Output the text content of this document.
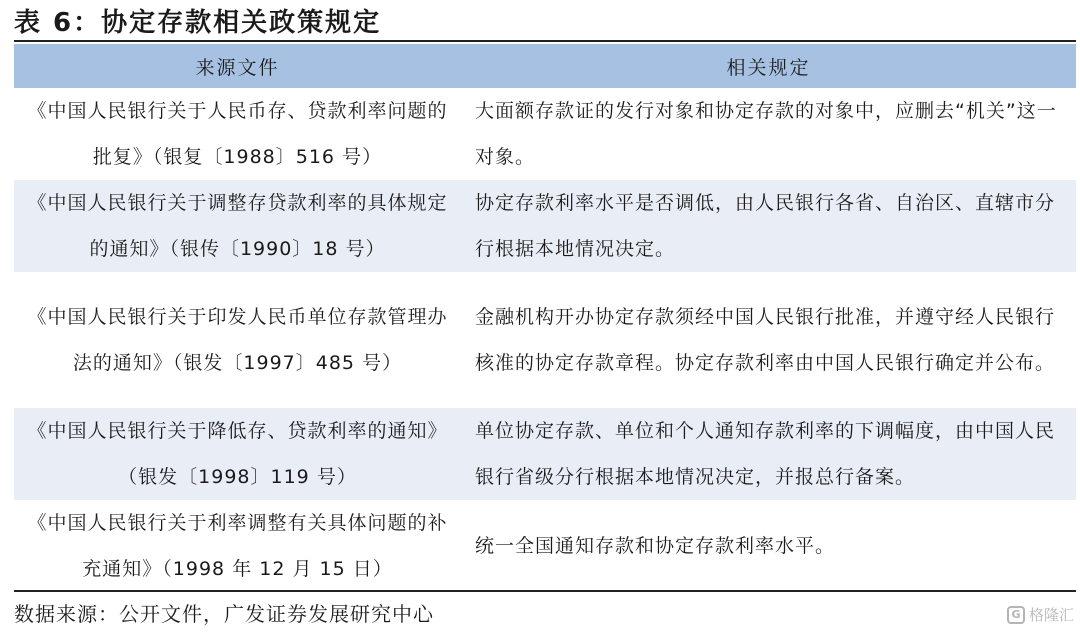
表 6：协定存款相关政策规定
来源文件	相关规定
《中国人民银行关于人民币存、贷款利率问题的批复》（银复〔1988〕516 号）	大面额存款证的发行对象和协定存款的对象中，应删去“机关”这一对象。
《中国人民银行关于调整存贷款利率的具体规定的通知》（银传〔1990〕18 号）	协定存款利率水平是否调低，由人民银行各省、自治区、直辖市分行根据本地情况决定。
《中国人民银行关于印发人民币单位存款管理办法的通知》（银发〔1997〕485 号）	金融机构开办协定存款须经中国人民银行批准，并遵守经人民银行核准的协定存款章程。协定存款利率由中国人民银行确定并公布。
《中国人民银行关于降低存、贷款利率的通知》（银发〔1998〕119 号）	单位协定存款、单位和个人通知存款利率的下调幅度，由中国人民银行省级分行根据本地情况决定，并报总行备案。
《中国人民银行关于利率调整有关具体问题的补充通知》（1998 年 12 月 15 日）	统一全国通知存款和协定存款利率水平。
数据来源：公开文件，广发证券发展研究中心	G 格隆汇
